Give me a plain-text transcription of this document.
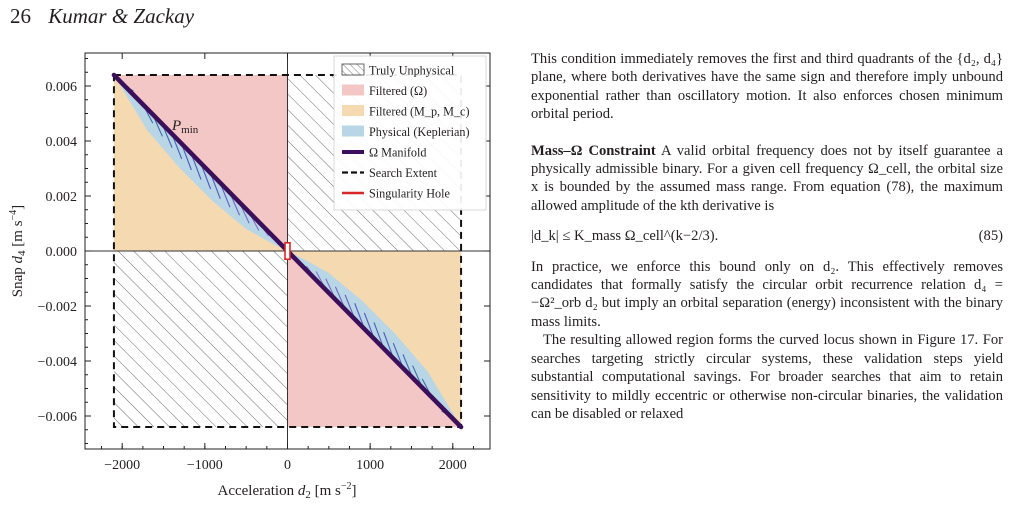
26 Kumar & Zackay
−2000	−1000	0	1000	2000
−0.006
−0.004
−0.002
0.000
0.002
0.004
0.006
$P_{min}$
Acceleration $d_2$ [m $s^{-2}$]
Snap $d_4$ [m $s^{-4}$]
Truly Unphysical
Filtered (Ω)
Filtered (M_p, M_c)
Physical (Keplerian)
Ω Manifold
Search Extent
Singularity Hole

This condition immediately removes the first and third quadrants of the {d₂, d₄} plane, where both derivatives have the same sign and therefore imply unbound exponential rather than oscillatory motion. It also enforces chosen minimum orbital period.

Mass–Ω Constraint A valid orbital frequency does not by itself guarantee a physically admissible binary. For a given cell frequency Ω_cell, the orbital size x is bounded by the assumed mass range. From equation (78), the maximum allowed amplitude of the kth derivative is

|d_k| ≤ K_mass Ω_cell^(k−2/3).	(85)

In practice, we enforce this bound only on d₂. This effectively removes candidates that formally satisfy the circular orbit recurrence relation d₄ = −Ω²_orb d₂ but imply an orbital separation (energy) inconsistent with the binary mass limits.

The resulting allowed region forms the curved locus shown in Figure 17. For searches targeting strictly circular systems, these validation steps yield substantial computational savings. For broader searches that aim to retain sensitivity to mildly eccentric or otherwise non-circular binaries, the validation can be disabled or relaxed
